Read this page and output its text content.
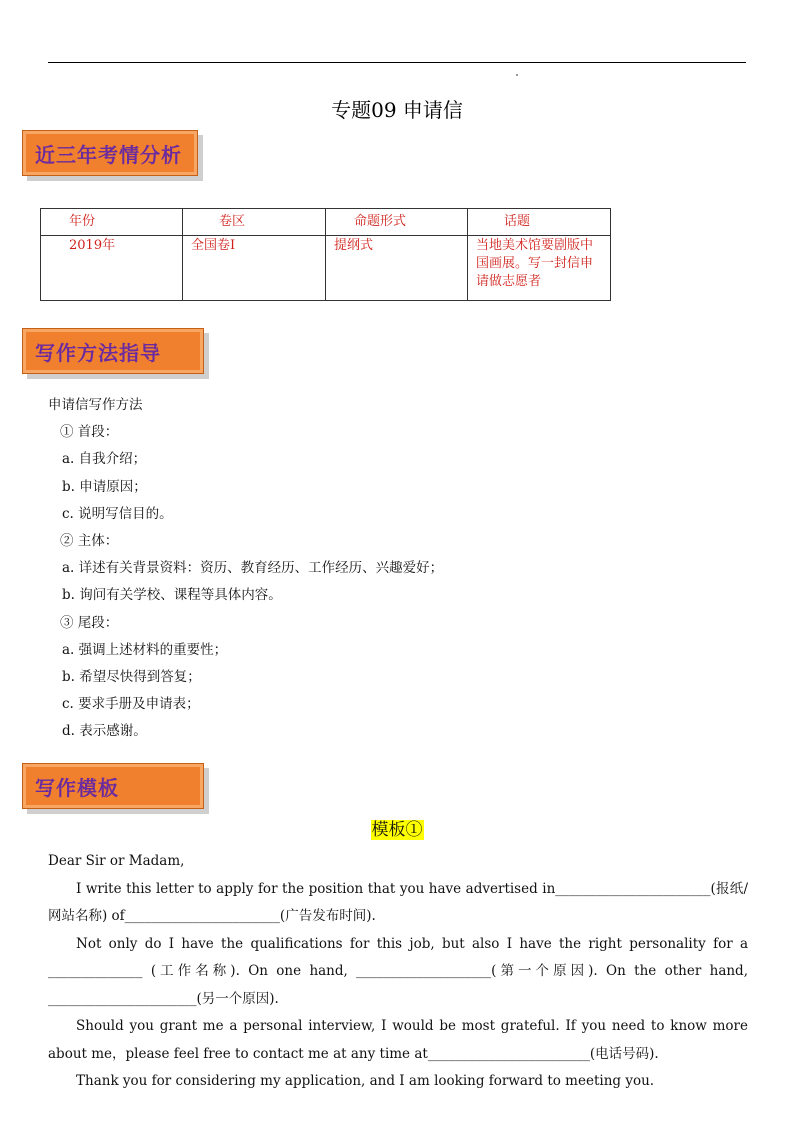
专题09 申请信
近三年考情分析
年份	卷区	命题形式	话题
2019年	全国卷I	提纲式	当地美术馆要剧版中国画展。写一封信申请做志愿者
写作方法指导
申请信写作方法
① 首段：
a. 自我介绍；
b. 申请原因；
c. 说明写信目的。
② 主体：
a. 详述有关背景资料：资历、教育经历、工作经历、兴趣爱好；
b. 询问有关学校、课程等具体内容。
③ 尾段：
a. 强调上述材料的重要性；
b. 希望尽快得到答复；
c. 要求手册及申请表；
d. 表示感谢。
写作模板
模板①

Dear Sir or Madam,

I write this letter to apply for the position that you have advertised in_______________________(报纸/网站名称) of_______________________(广告发布时间).

Not only do I have the qualifications for this job, but also I have the right personality for a ______________ (工作名称). On one hand, ____________________(第一个原因). On the other hand, ______________________(另一个原因).

Should you grant me a personal interview, I would be most grateful. If you need to know more about me，please feel free to contact me at any time at________________________(电话号码).

Thank you for considering my application, and I am looking forward to meeting you.
